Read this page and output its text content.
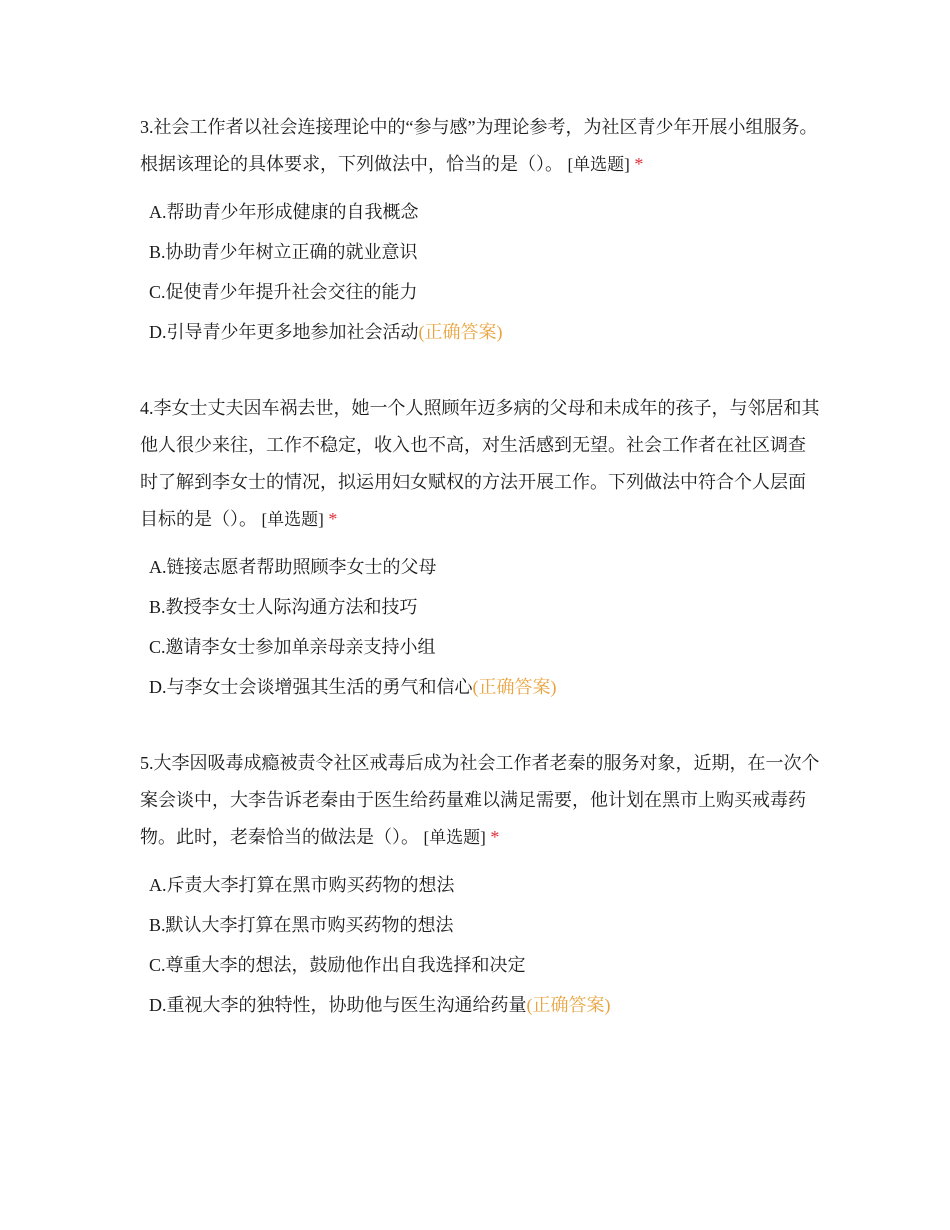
3.社会工作者以社会连接理论中的“参与感”为理论参考，为社区青少年开展小组服务。根据该理论的具体要求，下列做法中，恰当的是（）。 [单选题] *

A.帮助青少年形成健康的自我概念
B.协助青少年树立正确的就业意识
C.促使青少年提升社会交往的能力
D.引导青少年更多地参加社会活动(正确答案)

4.李女士丈夫因车祸去世，她一个人照顾年迈多病的父母和未成年的孩子，与邻居和其他人很少来往，工作不稳定，收入也不高，对生活感到无望。社会工作者在社区调查时了解到李女士的情况，拟运用妇女赋权的方法开展工作。下列做法中符合个人层面目标的是（）。 [单选题] *

A.链接志愿者帮助照顾李女士的父母
B.教授李女士人际沟通方法和技巧
C.邀请李女士参加单亲母亲支持小组
D.与李女士会谈增强其生活的勇气和信心(正确答案)

5.大李因吸毒成瘾被责令社区戒毒后成为社会工作者老秦的服务对象，近期，在一次个案会谈中，大李告诉老秦由于医生给药量难以满足需要，他计划在黑市上购买戒毒药物。此时，老秦恰当的做法是（）。 [单选题] *

A.斥责大李打算在黑市购买药物的想法
B.默认大李打算在黑市购买药物的想法
C.尊重大李的想法，鼓励他作出自我选择和决定
D.重视大李的独特性，协助他与医生沟通给药量(正确答案)
